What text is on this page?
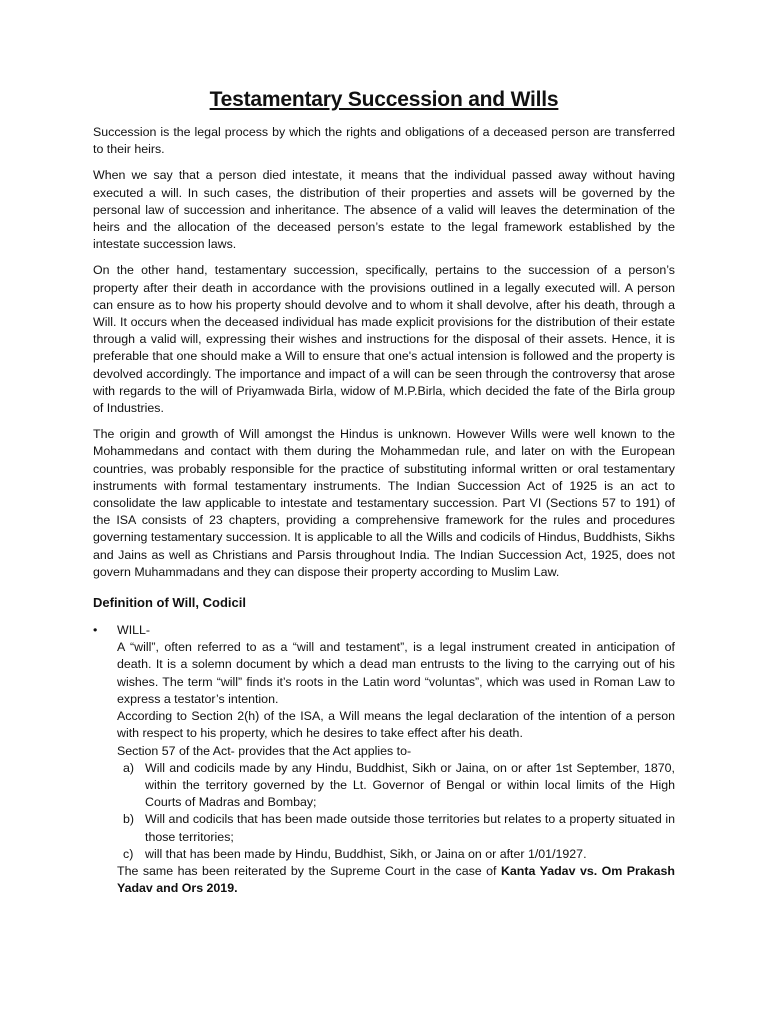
Testamentary Succession and Wills

Succession is the legal process by which the rights and obligations of a deceased person are transferred to their heirs.

When we say that a person died intestate, it means that the individual passed away without having executed a will. In such cases, the distribution of their properties and assets will be governed by the personal law of succession and inheritance. The absence of a valid will leaves the determination of the heirs and the allocation of the deceased person’s estate to the legal framework established by the intestate succession laws.

On the other hand, testamentary succession, specifically, pertains to the succession of a person’s property after their death in accordance with the provisions outlined in a legally executed will. A person can ensure as to how his property should devolve and to whom it shall devolve, after his death, through a Will. It occurs when the deceased individual has made explicit provisions for the distribution of their estate through a valid will, expressing their wishes and instructions for the disposal of their assets. Hence, it is preferable that one should make a Will to ensure that one's actual intension is followed and the property is devolved accordingly. The importance and impact of a will can be seen through the controversy that arose with regards to the will of Priyamwada Birla, widow of M.P.Birla, which decided the fate of the Birla group of Industries.

The origin and growth of Will amongst the Hindus is unknown. However Wills were well known to the Mohammedans and contact with them during the Mohammedan rule, and later on with the European countries, was probably responsible for the practice of substituting informal written or oral testamentary instruments with formal testamentary instruments. The Indian Succession Act of 1925 is an act to consolidate the law applicable to intestate and testamentary succession. Part VI (Sections 57 to 191) of the ISA consists of 23 chapters, providing a comprehensive framework for the rules and procedures governing testamentary succession. It is applicable to all the Wills and codicils of Hindus, Buddhists, Sikhs and Jains as well as Christians and Parsis throughout India. The Indian Succession Act, 1925, does not govern Muhammadans and they can dispose their property according to Muslim Law.

Definition of Will, Codicil
•	WILL-
A “will”, often referred to as a “will and testament”, is a legal instrument created in anticipation of death. It is a solemn document by which a dead man entrusts to the living to the carrying out of his wishes. The term “will” finds it’s roots in the Latin word “voluntas”, which was used in Roman Law to express a testator’s intention.
According to Section 2(h) of the ISA, a Will means the legal declaration of the intention of a person with respect to his property, which he desires to take effect after his death.
Section 57 of the Act- provides that the Act applies to-
a) Will and codicils made by any Hindu, Buddhist, Sikh or Jaina, on or after 1st September, 1870, within the territory governed by the Lt. Governor of Bengal or within local limits of the High Courts of Madras and Bombay;
b) Will and codicils that has been made outside those territories but relates to a property situated in those territories;
c) will that has been made by Hindu, Buddhist, Sikh, or Jaina on or after 1/01/1927.
The same has been reiterated by the Supreme Court in the case of Kanta Yadav vs. Om Prakash Yadav and Ors 2019.
